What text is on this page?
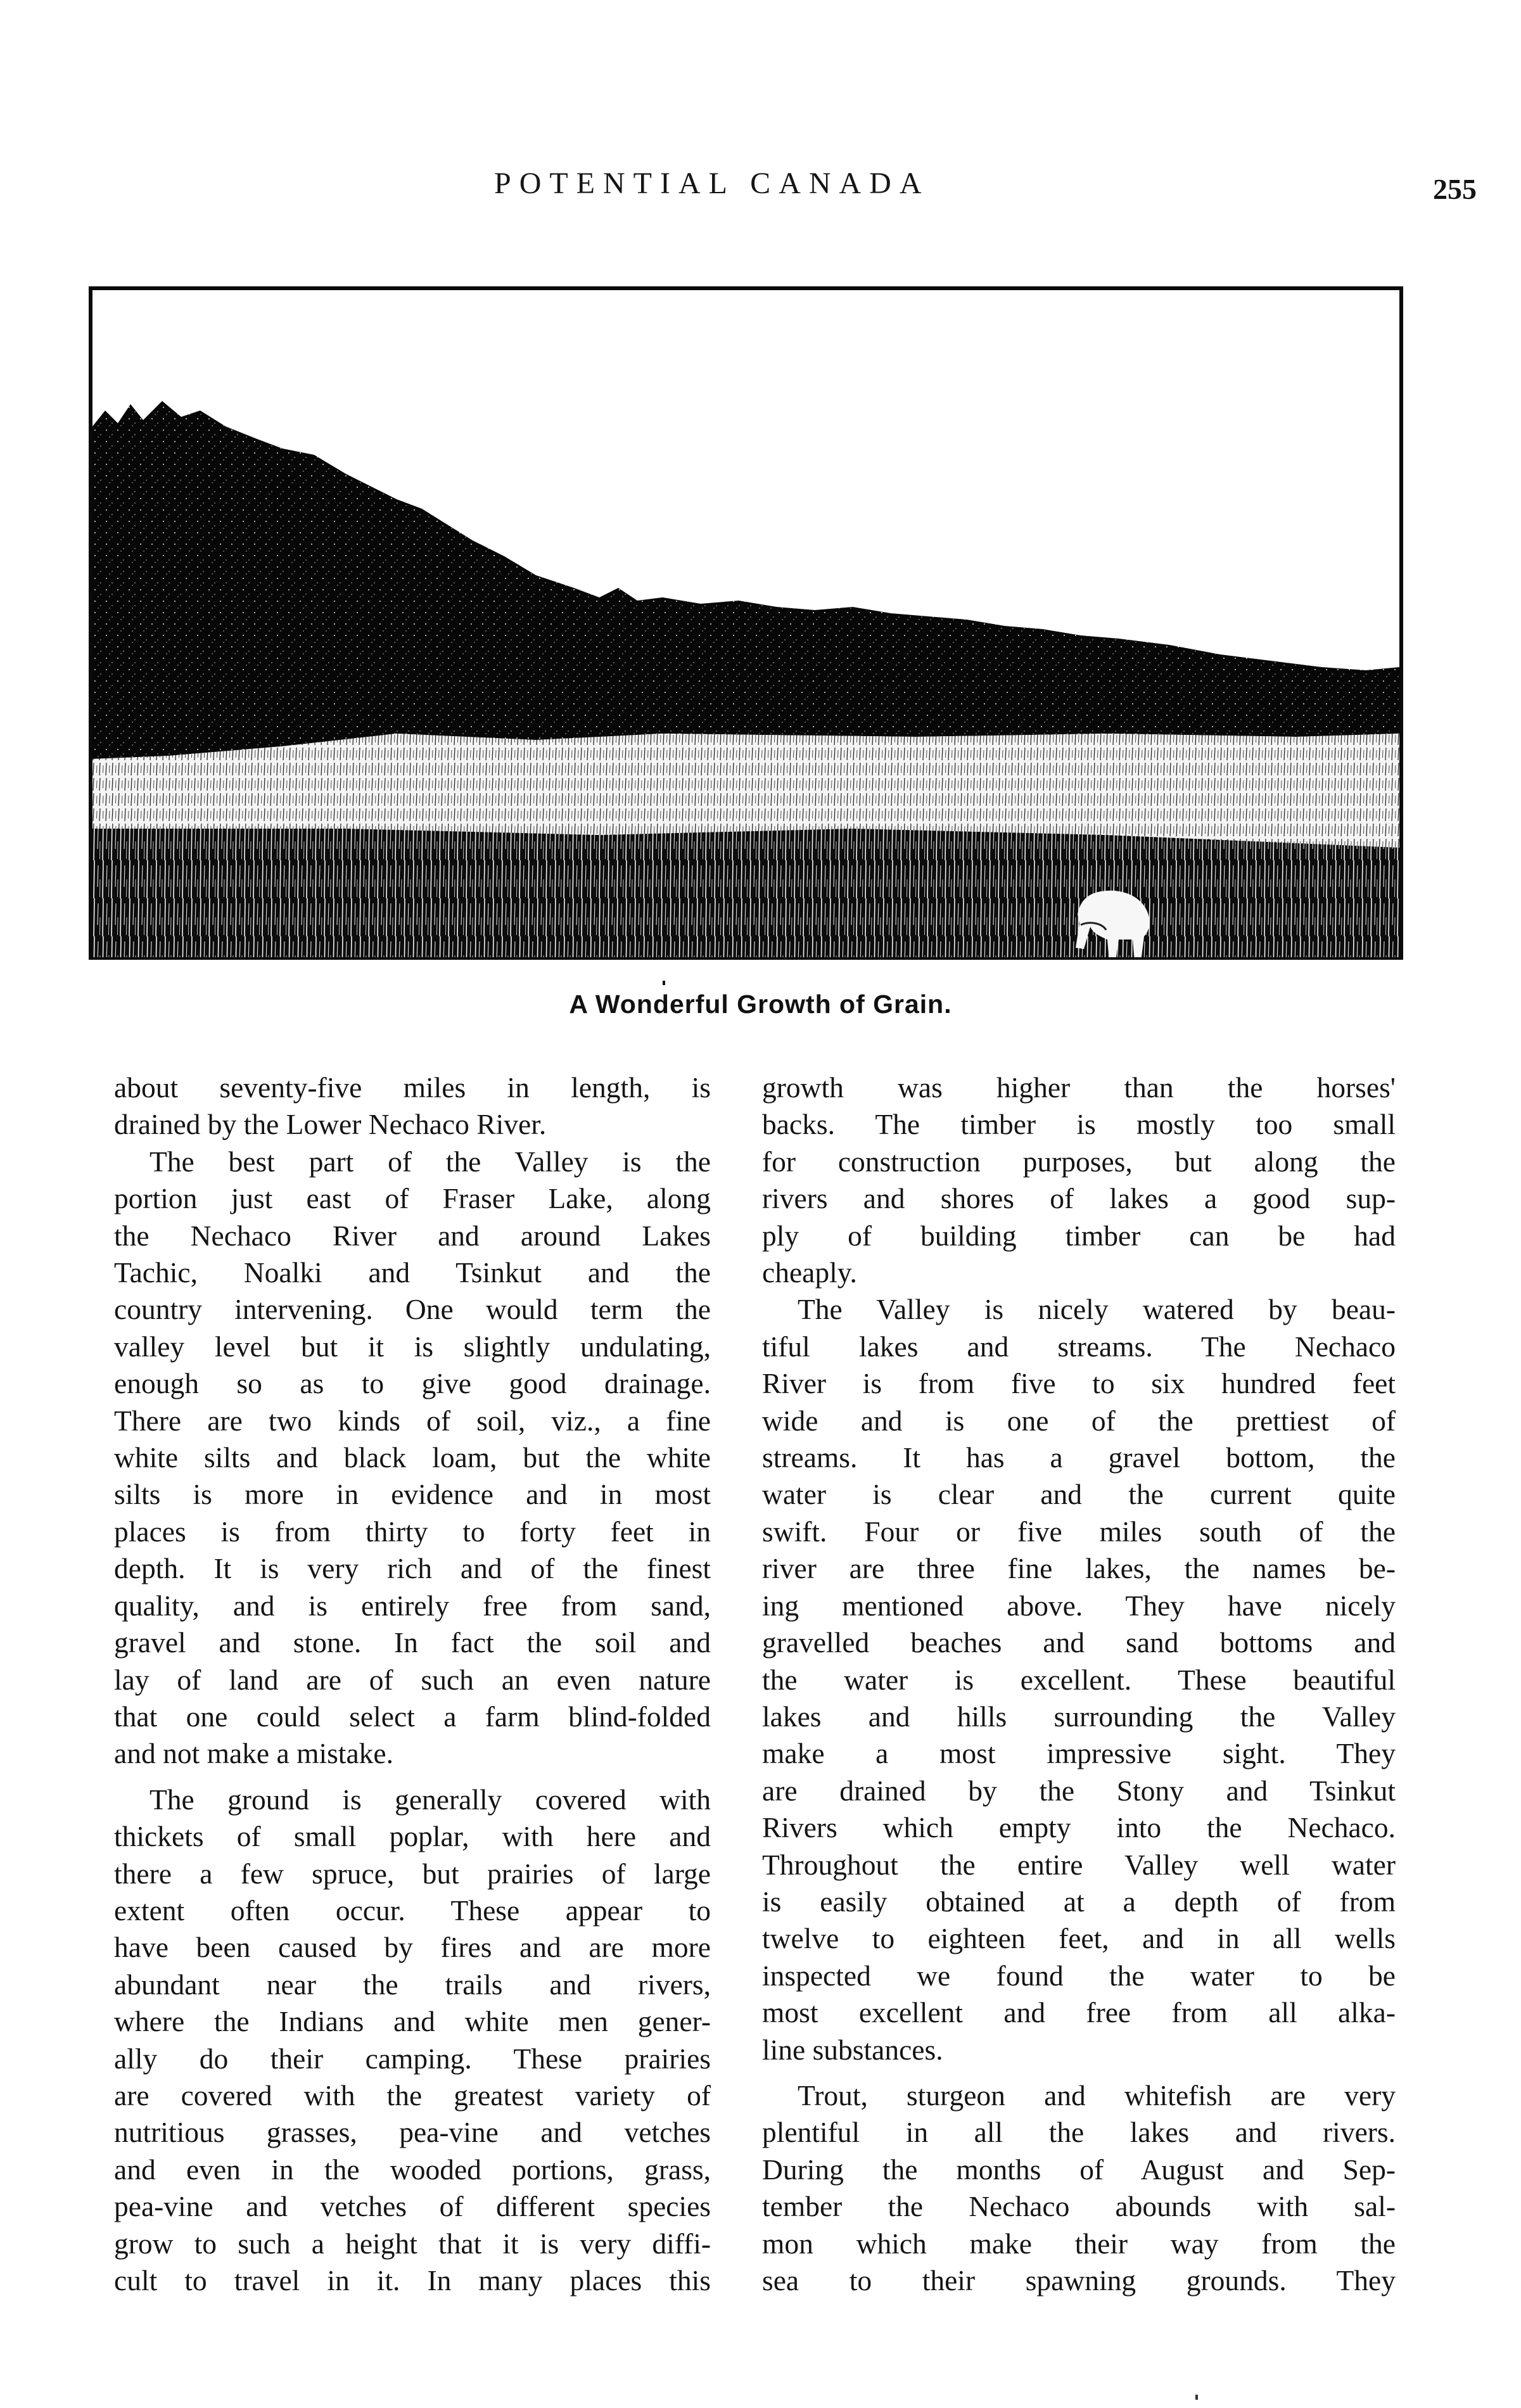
POTENTIAL CANADA	255
A Wonderful Growth of Grain.

about seventy-five miles in length, is
drained by the Lower Nechaco River.

The best part of the Valley is the
portion just east of Fraser Lake, along
the Nechaco River and around Lakes
Tachic, Noalki and Tsinkut and the
country intervening. One would term the
valley level but it is slightly undulating,
enough so as to give good drainage.
There are two kinds of soil, viz., a fine
white silts and black loam, but the white
silts is more in evidence and in most
places is from thirty to forty feet in
depth. It is very rich and of the finest
quality, and is entirely free from sand,
gravel and stone. In fact the soil and
lay of land are of such an even nature
that one could select a farm blind-folded
and not make a mistake.

The ground is generally covered with
thickets of small poplar, with here and
there a few spruce, but prairies of large
extent often occur. These appear to
have been caused by fires and are more
abundant near the trails and rivers,
where the Indians and white men gener-
ally do their camping. These prairies
are covered with the greatest variety of
nutritious grasses, pea-vine and vetches
and even in the wooded portions, grass,
pea-vine and vetches of different species
grow to such a height that it is very diffi-
cult to travel in it. In many places this

growth was higher than the horses'
backs. The timber is mostly too small
for construction purposes, but along the
rivers and shores of lakes a good sup-
ply of building timber can be had
cheaply.

The Valley is nicely watered by beau-
tiful lakes and streams. The Nechaco
River is from five to six hundred feet
wide and is one of the prettiest of
streams. It has a gravel bottom, the
water is clear and the current quite
swift. Four or five miles south of the
river are three fine lakes, the names be-
ing mentioned above. They have nicely
gravelled beaches and sand bottoms and
the water is excellent. These beautiful
lakes and hills surrounding the Valley
make a most impressive sight. They
are drained by the Stony and Tsinkut
Rivers which empty into the Nechaco.
Throughout the entire Valley well water
is easily obtained at a depth of from
twelve to eighteen feet, and in all wells
inspected we found the water to be
most excellent and free from all alka-
line substances.

Trout, sturgeon and whitefish are very
plentiful in all the lakes and rivers.
During the months of August and Sep-
tember the Nechaco abounds with sal-
mon which make their way from the
sea to their spawning grounds. They
